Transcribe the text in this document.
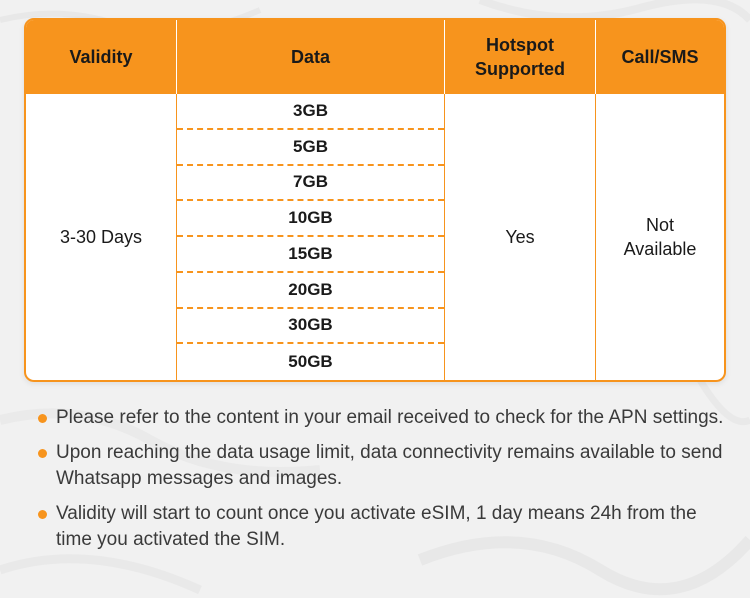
Validity	Data
Hotspot
Supported
Call/SMS
3-30 Days
3GB
5GB
7GB
10GB
15GB
20GB
30GB
50GB
Yes
Not
Available
Please refer to the content in your email received to check for the APN settings.
Upon reaching the data usage limit, data connectivity remains available to send Whatsapp messages and images.
Validity will start to count once you activate eSIM, 1 day means 24h from the time you activated the SIM.
